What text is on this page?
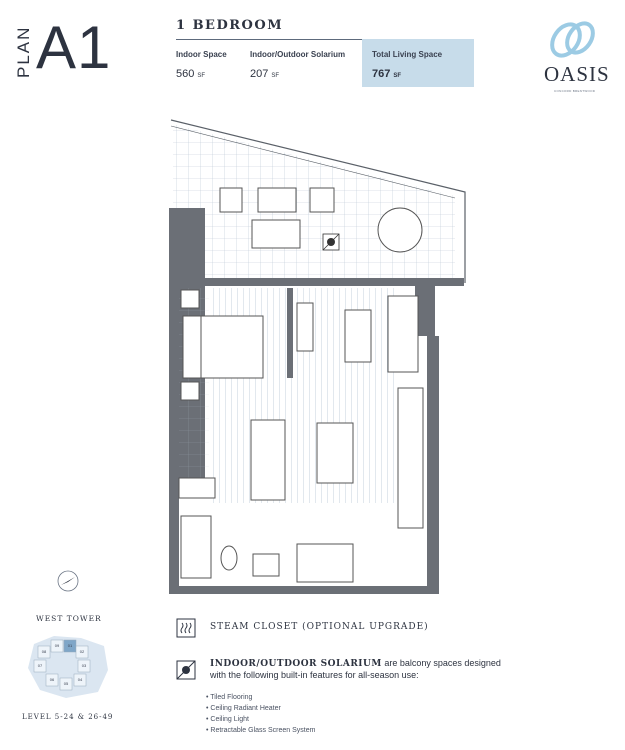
PLAN A1	1 BEDROOM
Indoor Space
560 SF
Indoor/Outdoor Solarium
207 SF
Total Living Space
767 SF	OASIS
CONCORD BRENTWOOD
WEST TOWER
01
02
03
04
05
06
07
08
09
LEVEL 5-24 & 26-49
STEAM CLOSET (OPTIONAL UPGRADE)
INDOOR/OUTDOOR SOLARIUM are balcony spaces designed with the following built-in features for all-season use:
• Tiled Flooring
• Ceiling Radiant Heater
• Ceiling Light
• Retractable Glass Screen System
